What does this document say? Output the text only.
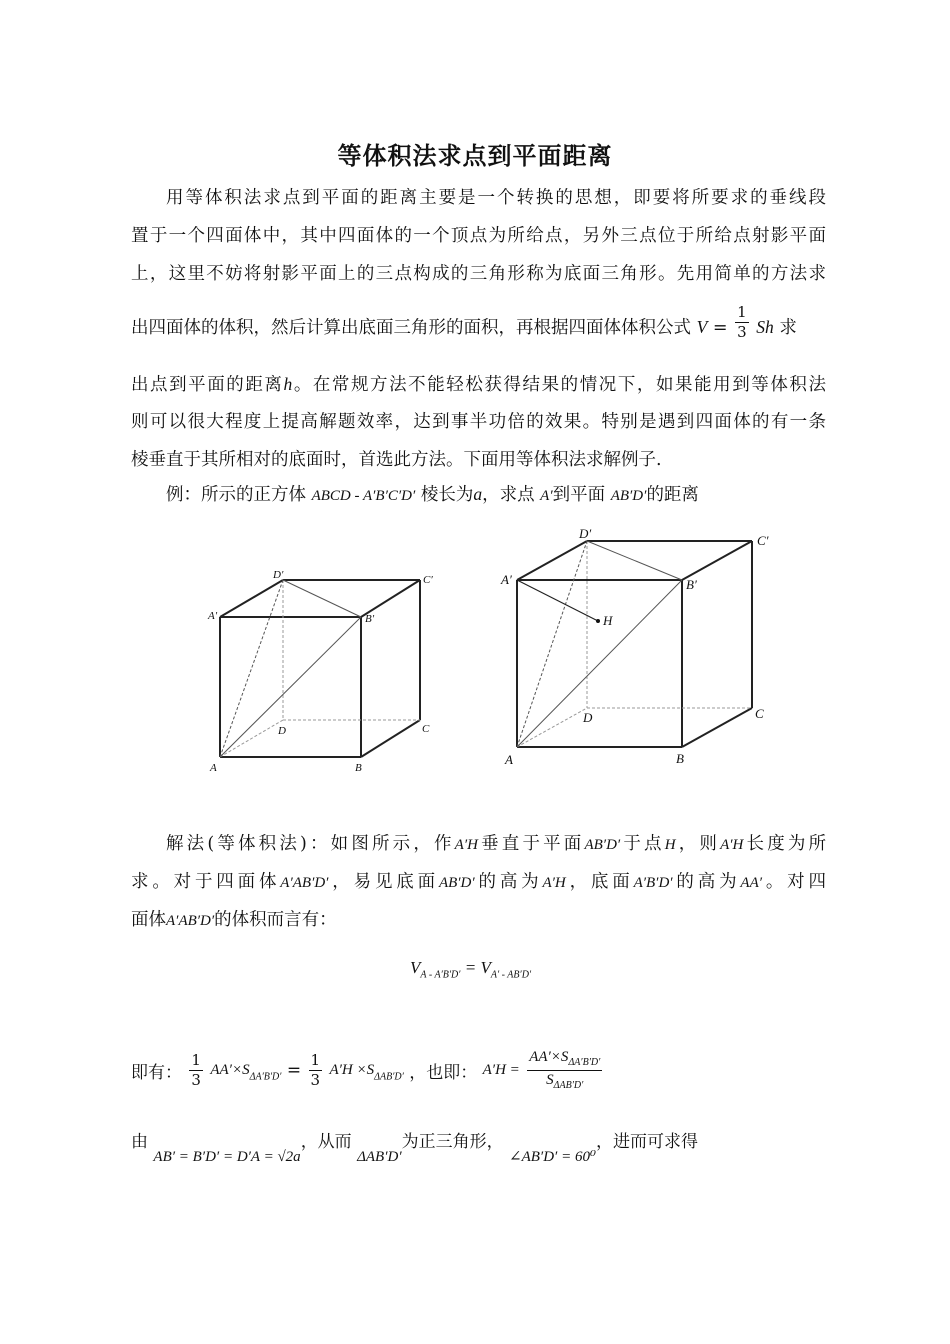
等体积法求点到平面距离
用等体积法求点到平面的距离主要是一个转换的思想，即要将所要求的垂线段
置于一个四面体中，其中四面体的一个顶点为所给点，另外三点位于所给点射影平面
上，这里不妨将射影平面上的三点构成的三角形称为底面三角形。先用简单的方法求
出四面体的体积，然后计算出底面三角形的面积，再根据四面体体积公式 $V = \frac{1}{3}$ Sh 求
出点到平面的距离h。在常规方法不能轻松获得结果的情况下，如果能用到等体积法
则可以很大程度上提高解题效率，达到事半功倍的效果。特别是遇到四面体的有一条
棱垂直于其所相对的底面时，首选此方法。下面用等体积法求解例子.
例：所示的正方体 ABCD - A′B′C′D′ 棱长为a，求点 A′到平面 AB′D′的距离
A	B
C
D
A′	B′
C′
D′
A	B
C
D
A′	B′
C′
D′
H
解法(等体积法)：如图所示，作A′H垂直于平面AB′D′于点H，则A′H长度为所
求。对于四面体A′AB′D′，易见底面AB′D′的高为A′H，底面A′B′D′的高为AA′。对四
面体A′AB′D′的体积而言有：
$V_{A - A'B'D'} = V_{A' - AB'D'}$
即有： $\frac{1}{3} AA'\times S_{\Delta A'B'D'} = \frac{1}{3} A'H \times S_{\Delta AB'D'}$ ，也即： $A'H = \frac{AA'\times S_{\Delta A'B'D'}}{S_{\Delta AB'D'}}$
由 AB′ = B′D′ = D′A = √2a，从而 ΔAB′D′为正三角形， ∠AB′D′ = 60⁰，进而可求得
